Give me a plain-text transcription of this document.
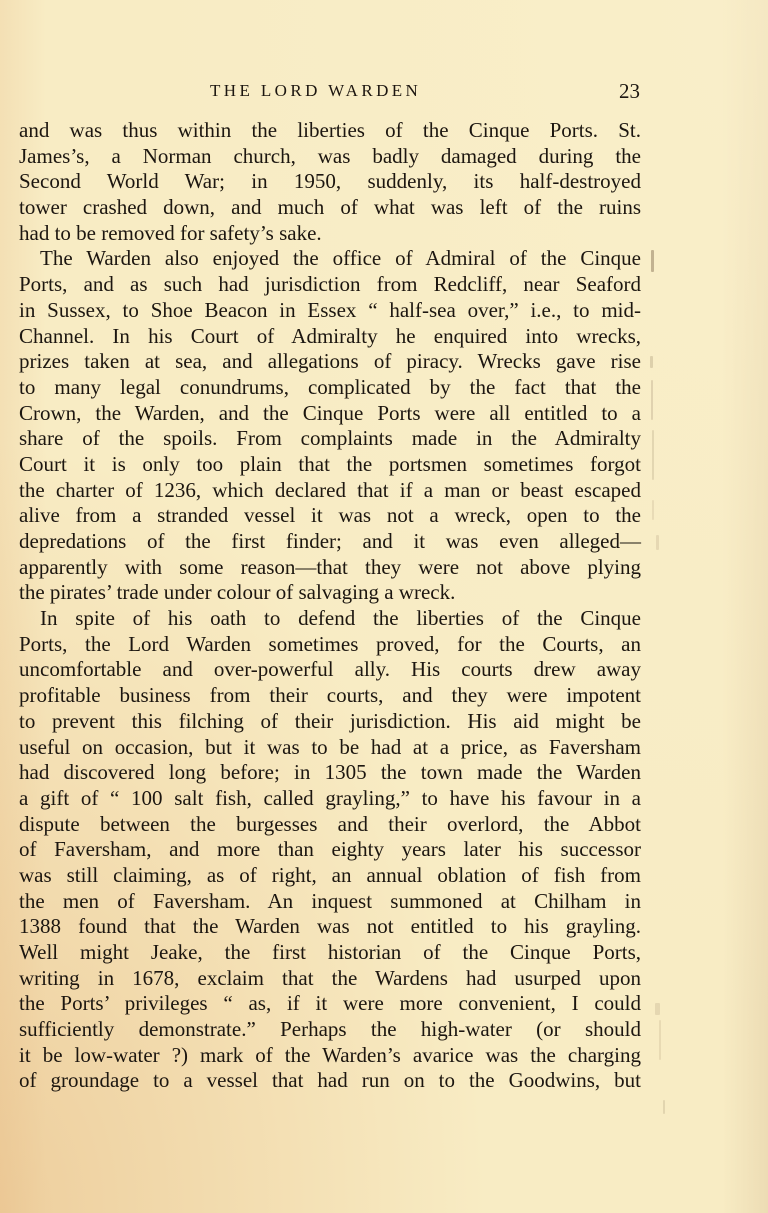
THE LORD WARDEN	23
and was thus within the liberties of the Cinque Ports. St.
James’s, a Norman church, was badly damaged during the
Second World War; in 1950, suddenly, its half-destroyed
tower crashed down, and much of what was left of the ruins
had to be removed for safety’s sake.
 The Warden also enjoyed the office of Admiral of the Cinque
Ports, and as such had jurisdiction from Redcliff, near Seaford
in Sussex, to Shoe Beacon in Essex “ half-sea over,” i.e., to mid-
Channel. In his Court of Admiralty he enquired into wrecks,
prizes taken at sea, and allegations of piracy. Wrecks gave rise
to many legal conundrums, complicated by the fact that the
Crown, the Warden, and the Cinque Ports were all entitled to a
share of the spoils. From complaints made in the Admiralty
Court it is only too plain that the portsmen sometimes forgot
the charter of 1236, which declared that if a man or beast escaped
alive from a stranded vessel it was not a wreck, open to the
depredations of the first finder; and it was even alleged—
apparently with some reason—that they were not above plying
the pirates’ trade under colour of salvaging a wreck.
 In spite of his oath to defend the liberties of the Cinque
Ports, the Lord Warden sometimes proved, for the Courts, an
uncomfortable and over-powerful ally. His courts drew away
profitable business from their courts, and they were impotent
to prevent this filching of their jurisdiction. His aid might be
useful on occasion, but it was to be had at a price, as Faversham
had discovered long before; in 1305 the town made the Warden
a gift of “ 100 salt fish, called grayling,” to have his favour in a
dispute between the burgesses and their overlord, the Abbot
of Faversham, and more than eighty years later his successor
was still claiming, as of right, an annual oblation of fish from
the men of Faversham. An inquest summoned at Chilham in
1388 found that the Warden was not entitled to his grayling.
Well might Jeake, the first historian of the Cinque Ports,
writing in 1678, exclaim that the Wardens had usurped upon
the Ports’ privileges “ as, if it were more convenient, I could
sufficiently demonstrate.” Perhaps the high-water (or should
it be low-water ?) mark of the Warden’s avarice was the charging
of groundage to a vessel that had run on to the Goodwins, but
